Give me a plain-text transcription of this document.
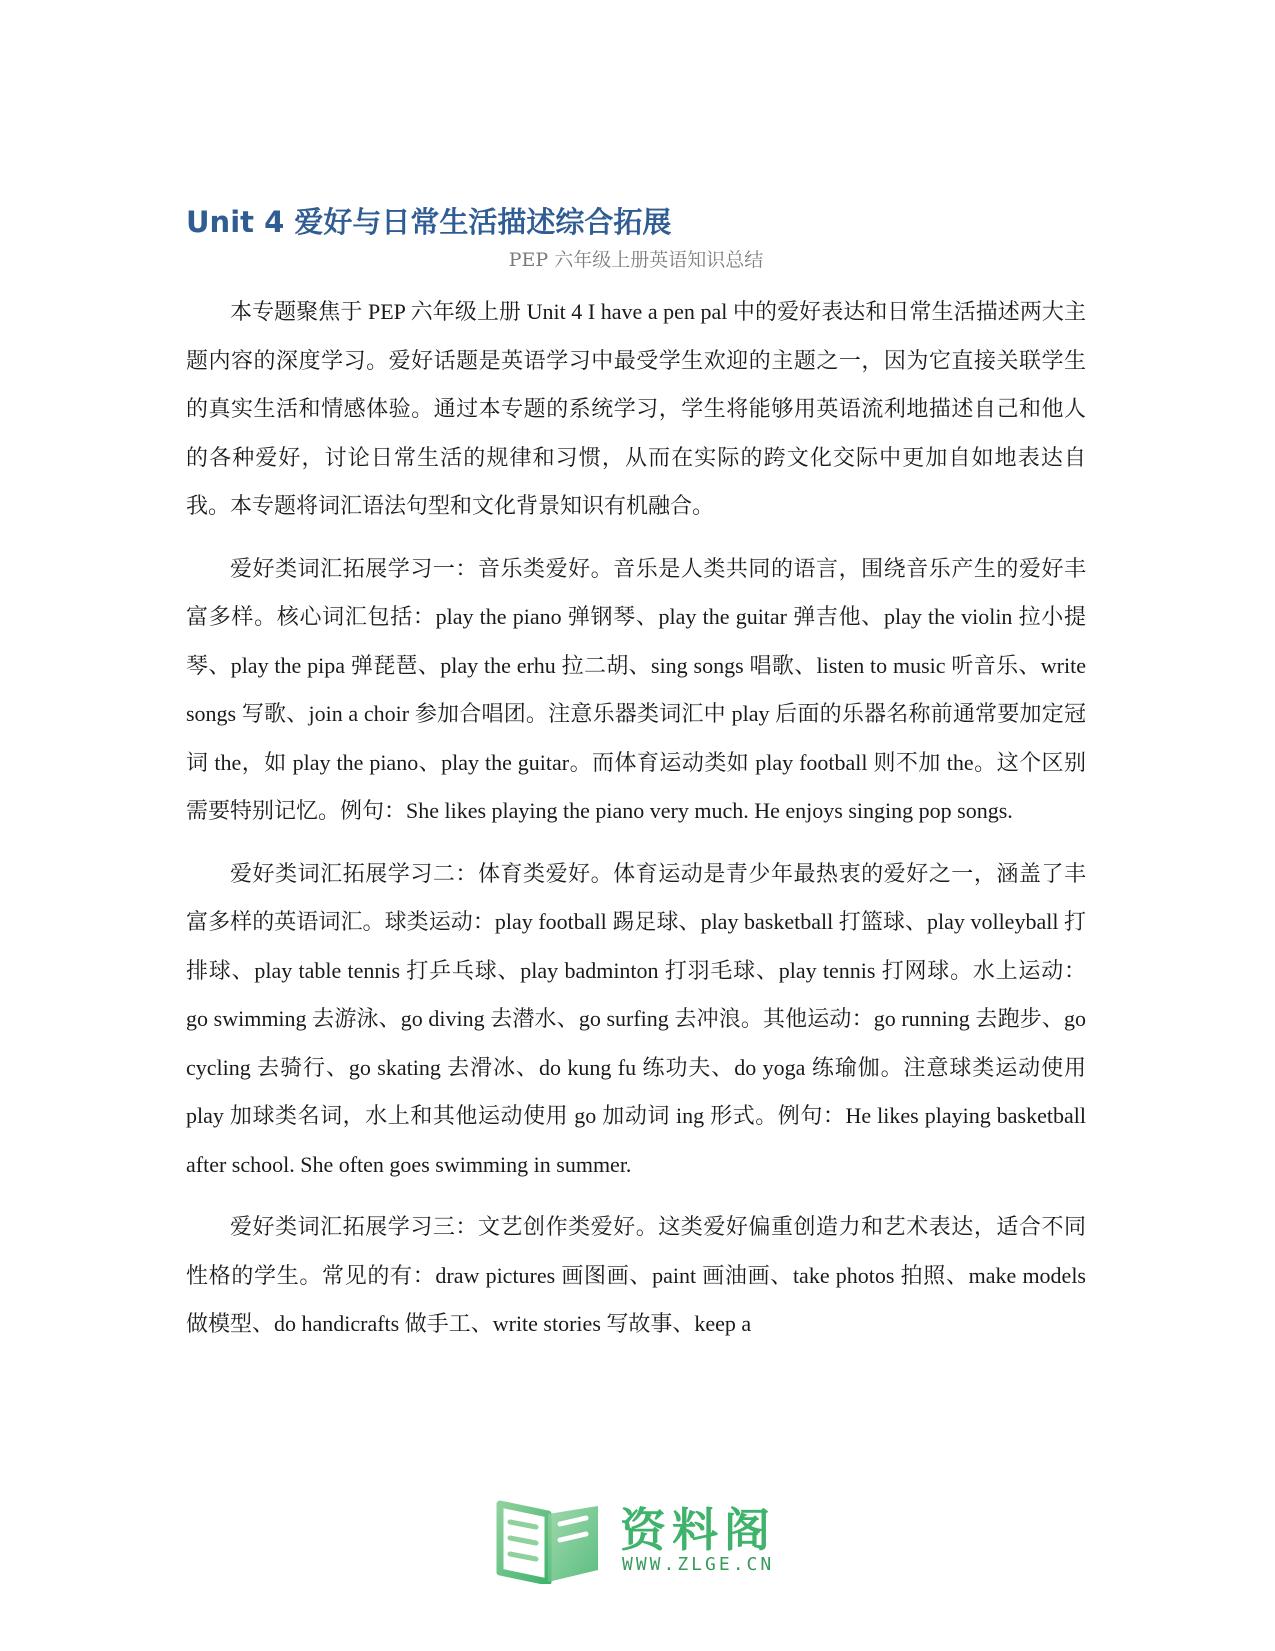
Unit 4 爱好与日常生活描述综合拓展
PEP 六年级上册英语知识总结

本专题聚焦于 PEP 六年级上册 Unit 4 I have a pen pal 中的爱好表达和日常生活描述两大主题内容的深度学习。爱好话题是英语学习中最受学生欢迎的主题之一，因为它直接关联学生的真实生活和情感体验。通过本专题的系统学习，学生将能够用英语流利地描述自己和他人的各种爱好，讨论日常生活的规律和习惯，从而在实际的跨文化交际中更加自如地表达自我。本专题将词汇语法句型和文化背景知识有机融合。

爱好类词汇拓展学习一：音乐类爱好。音乐是人类共同的语言，围绕音乐产生的爱好丰富多样。核心词汇包括：play the piano 弹钢琴、play the guitar 弹吉他、play the violin 拉小提琴、play the pipa 弹琵琶、play the erhu 拉二胡、sing songs 唱歌、listen to music 听音乐、write songs 写歌、join a choir 参加合唱团。注意乐器类词汇中 play 后面的乐器名称前通常要加定冠词 the，如 play the piano、play the guitar。而体育运动类如 play football 则不加 the。这个区别需要特别记忆。例句：She likes playing the piano very much. He enjoys singing pop songs.

爱好类词汇拓展学习二：体育类爱好。体育运动是青少年最热衷的爱好之一，涵盖了丰富多样的英语词汇。球类运动：play football 踢足球、play basketball 打篮球、play volleyball 打排球、play table tennis 打乒乓球、play badminton 打羽毛球、play tennis 打网球。水上运动：go swimming 去游泳、go diving 去潜水、go surfing 去冲浪。其他运动：go running 去跑步、go cycling 去骑行、go skating 去滑冰、do kung fu 练功夫、do yoga 练瑜伽。注意球类运动使用 play 加球类名词，水上和其他运动使用 go 加动词 ing 形式。例句：He likes playing basketball after school. She often goes swimming in summer.

爱好类词汇拓展学习三：文艺创作类爱好。这类爱好偏重创造力和艺术表达，适合不同性格的学生。常见的有：draw pictures 画图画、paint 画油画、take photos 拍照、make models 做模型、do handicrafts 做手工、write stories 写故事、keep a

资料阁
WWW.ZLGE.CN
